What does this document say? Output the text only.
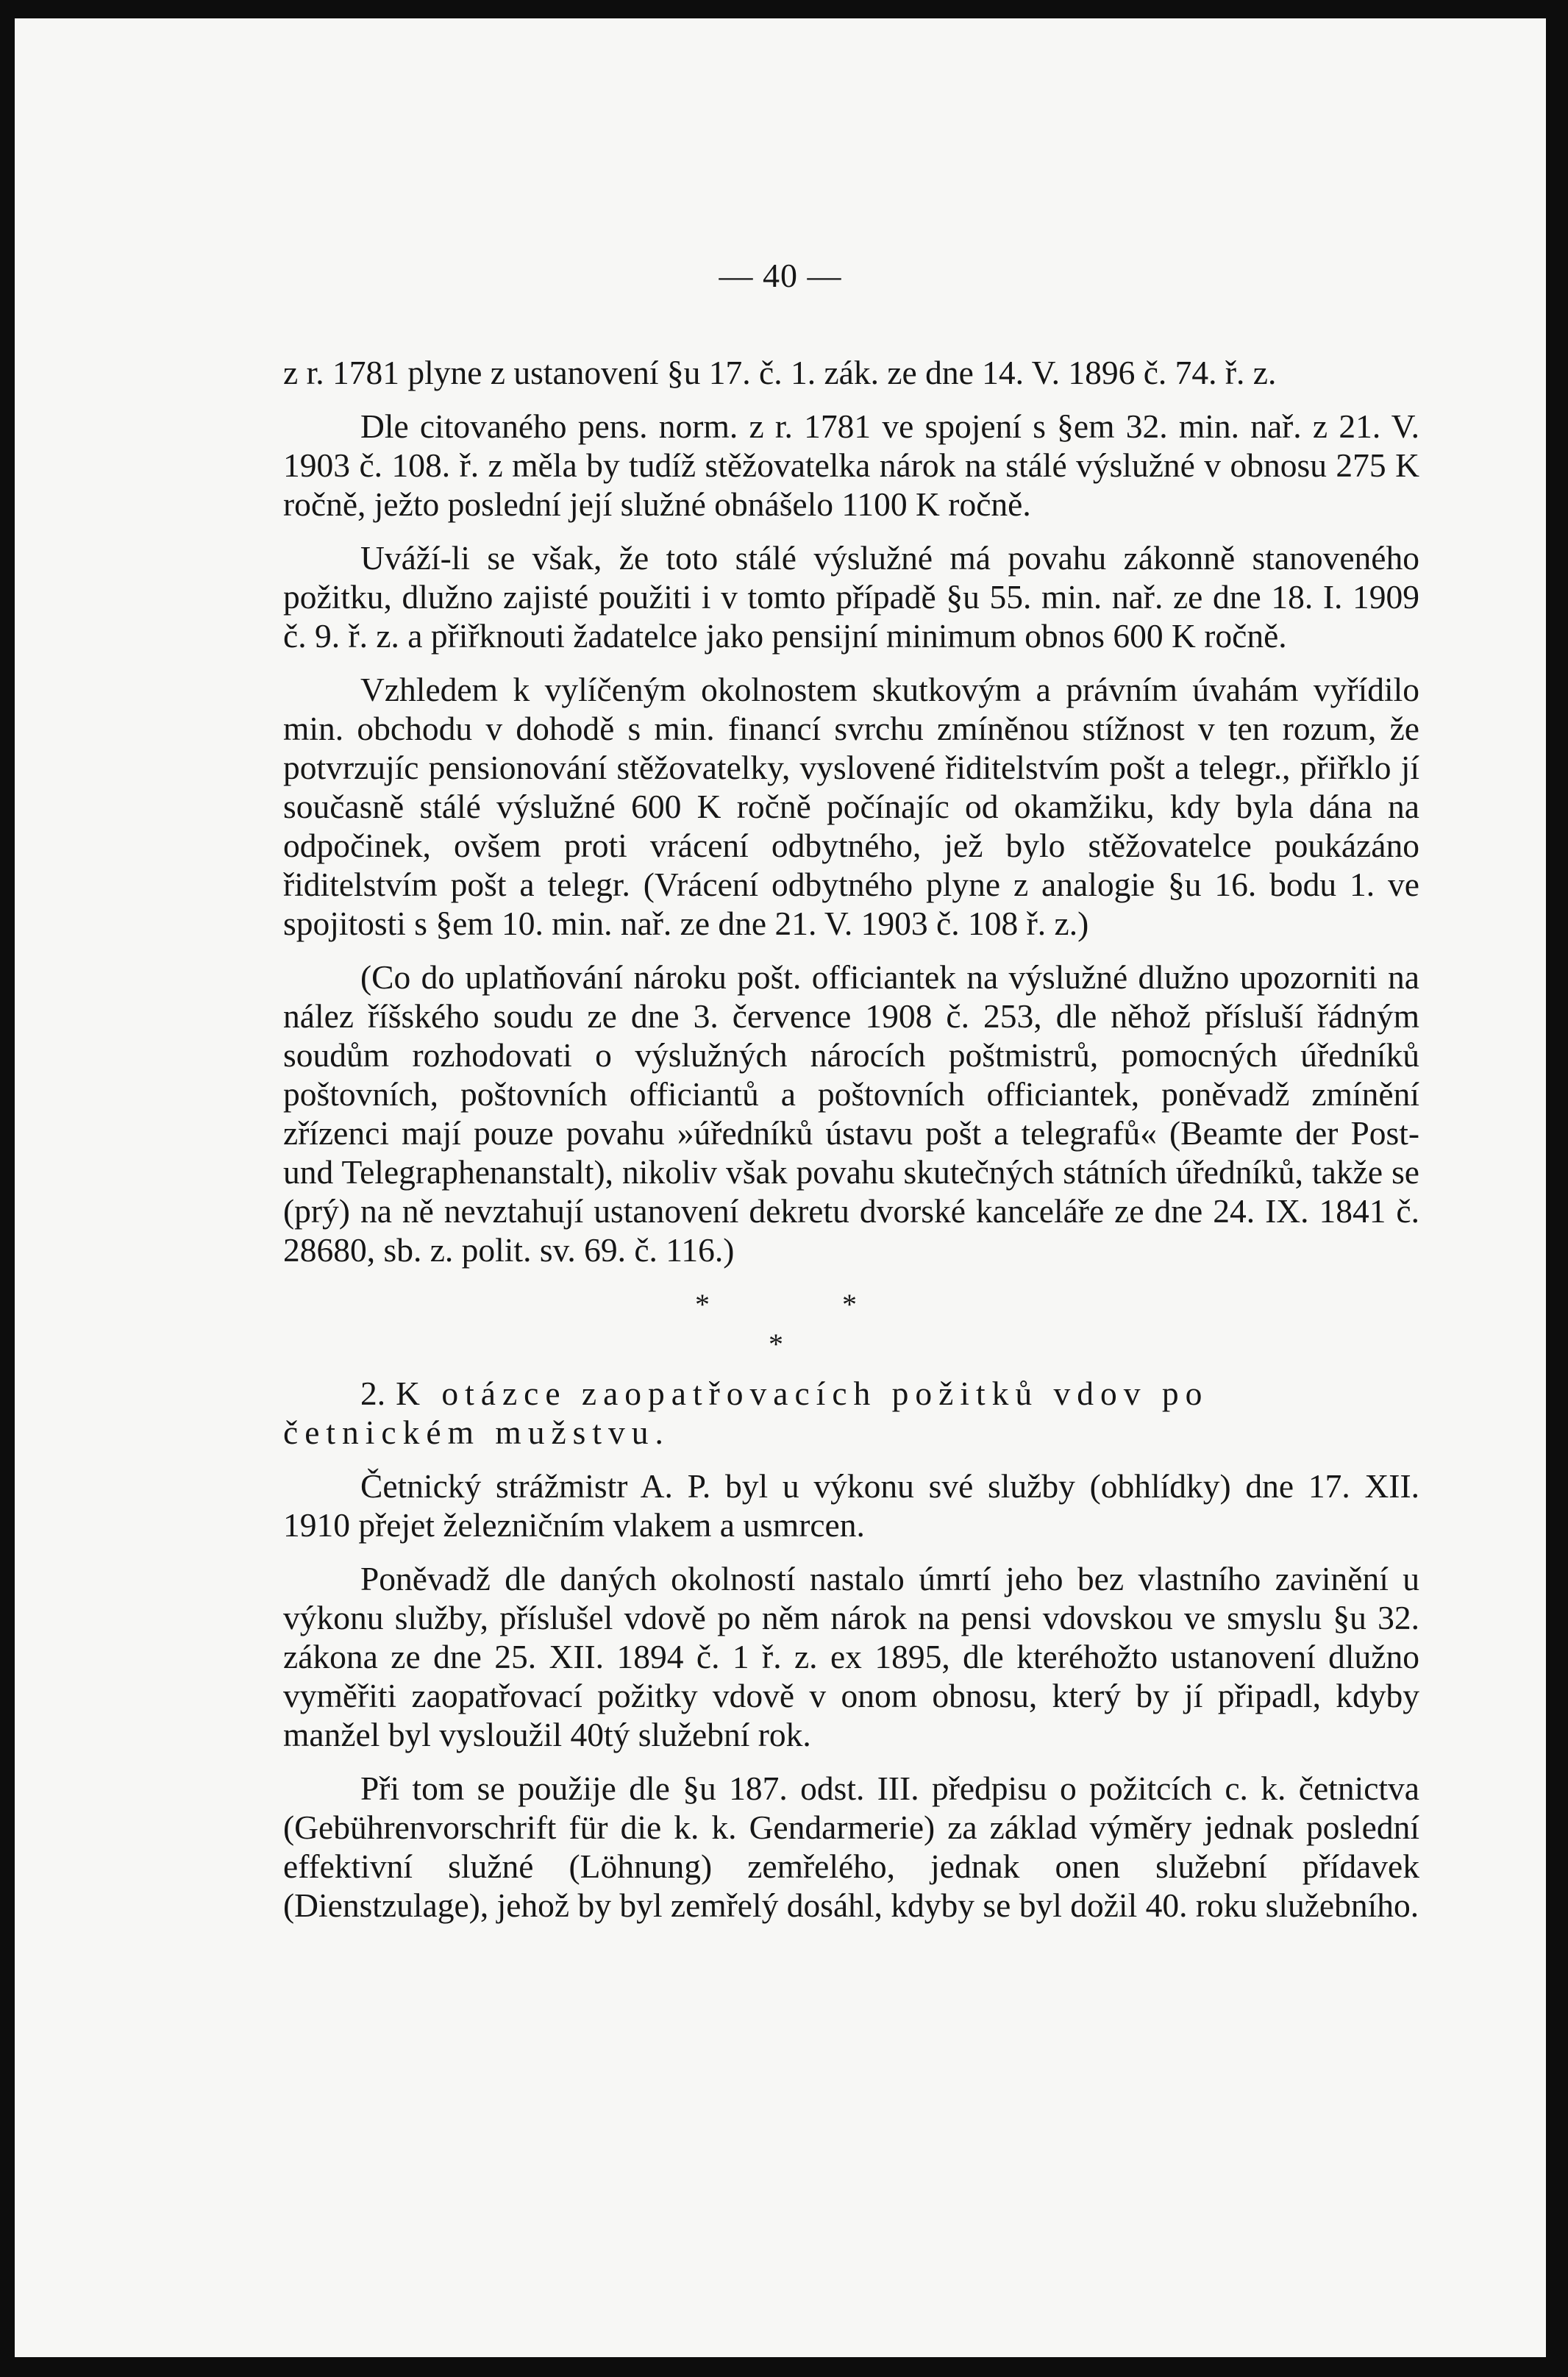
— 40 —

z r. 1781 plyne z ustanovení §u 17. č. 1. zák. ze dne 14. V. 1896 č. 74. ř. z.

Dle citovaného pens. norm. z r. 1781 ve spojení s §em 32. min. nař. z 21. V. 1903 č. 108. ř. z měla by tudíž stěžovatelka nárok na stálé výslužné v obnosu 275 K ročně, ježto poslední její služné obnášelo 1100 K ročně.

Uváží-li se však, že toto stálé výslužné má povahu zákonně stanoveného požitku, dlužno zajisté použiti i v tomto případě §u 55. min. nař. ze dne 18. I. 1909 č. 9. ř. z. a přiřknouti žadatelce jako pensijní minimum obnos 600 K ročně.

Vzhledem k vylíčeným okolnostem skutkovým a právním úvahám vyřídilo min. obchodu v dohodě s min. financí svrchu zmíněnou stížnost v ten rozum, že potvrzujíc pensionování stěžovatelky, vyslovené řiditelstvím pošt a telegr., přiřklo jí současně stálé výslužné 600 K ročně počínajíc od okamžiku, kdy byla dána na odpočinek, ovšem proti vrácení odbytného, jež bylo stěžovatelce poukázáno řiditelstvím pošt a telegr. (Vrácení odbytného plyne z analogie §u 16. bodu 1. ve spojitosti s §em 10. min. nař. ze dne 21. V. 1903 č. 108 ř. z.)

(Co do uplatňování nároku pošt. officiantek na výslužné dlužno upozorniti na nález říšského soudu ze dne 3. července 1908 č. 253, dle něhož přísluší řádným soudům rozhodovati o výslužných nárocích poštmistrů, pomocných úředníků poštovních, poštovních officiantů a poštovních officiantek, poněvadž zmínění zřízenci mají pouze povahu »úředníků ústavu pošt a telegrafů« (Beamte der Post- und Telegraphenanstalt), nikoliv však povahu skutečných státních úředníků, takže se (prý) na ně nevztahují ustanovení dekretu dvorské kanceláře ze dne 24. IX. 1841 č. 28680, sb. z. polit. sv. 69. č. 116.)

*	*
*

2. K otázce zaopatřovacích požitků vdov po četnickém mužstvu.

Četnický strážmistr A. P. byl u výkonu své služby (obhlídky) dne 17. XII. 1910 přejet železničním vlakem a usmrcen.

Poněvadž dle daných okolností nastalo úmrtí jeho bez vlastního zavinění u výkonu služby, příslušel vdově po něm nárok na pensi vdovskou ve smyslu §u 32. zákona ze dne 25. XII. 1894 č. 1 ř. z. ex 1895, dle kteréhožto ustanovení dlužno vyměřiti zaopatřovací požitky vdově v onom obnosu, který by jí připadl, kdyby manžel byl vysloužil 40tý služební rok.

Při tom se použije dle §u 187. odst. III. předpisu o požitcích c. k. četnictva (Gebührenvorschrift für die k. k. Gendarmerie) za základ výměry jednak poslední effektivní služné (Löhnung) zemřelého, jednak onen služební přídavek (Dienstzulage), jehož by byl zemřelý dosáhl, kdyby se byl dožil 40. roku služebního.
